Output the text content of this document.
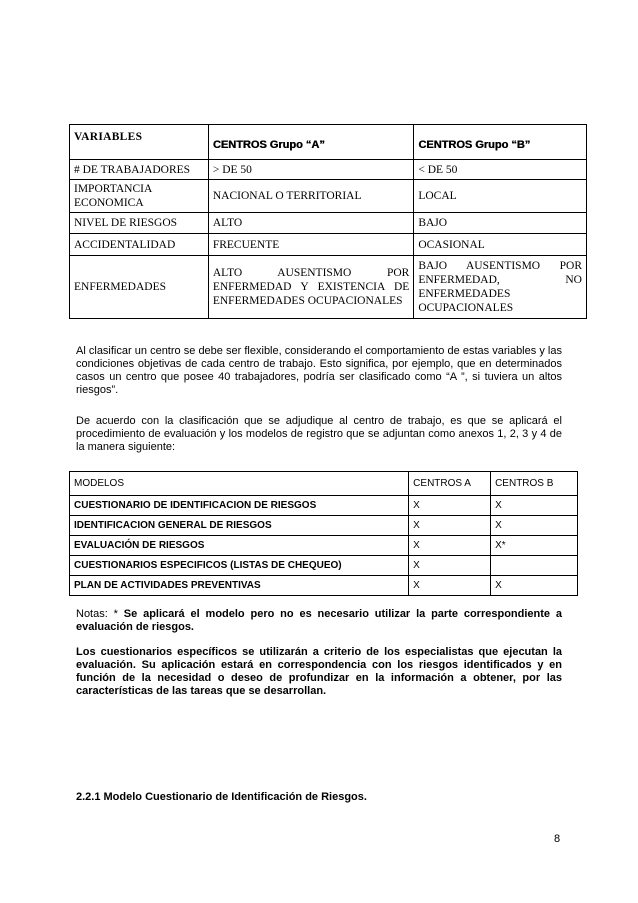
VARIABLES	CENTROS Grupo “A”	CENTROS Grupo “B”
# DE TRABAJADORES	> DE 50	< DE 50
IMPORTANCIA ECONOMICA	NACIONAL O TERRITORIAL	LOCAL
NIVEL DE RIESGOS	ALTO	BAJO
ACCIDENTALIDAD	FRECUENTE	OCASIONAL
ENFERMEDADES	ALTO AUSENTISMO POR ENFERMEDAD Y EXISTENCIA DE ENFERMEDADES OCUPACIONALES	BAJO AUSENTISMO POR ENFERMEDAD, NO ENFERMEDADES OCUPACIONALES
Al clasificar un centro se debe ser flexible, considerando el comportamiento de estas variables y las condiciones objetivas de cada centro de trabajo. Esto significa, por ejemplo, que en determinados casos un centro que posee 40 trabajadores, podría ser clasificado como “A ”, si tuviera un altos riesgos”.
De acuerdo con la clasificación que se adjudique al centro de trabajo, es que se aplicará el procedimiento de evaluación y los modelos de registro que se adjuntan como anexos 1, 2, 3 y 4 de la manera siguiente:
MODELOS	CENTROS A	CENTROS B
CUESTIONARIO DE IDENTIFICACION DE RIESGOS	X	X
IDENTIFICACION GENERAL DE RIESGOS	X	X
EVALUACIÓN DE RIESGOS	X	X*
CUESTIONARIOS ESPECIFICOS (LISTAS DE CHEQUEO)	X	
PLAN DE ACTIVIDADES PREVENTIVAS	X	X
Notas: * Se aplicará el modelo pero no es necesario utilizar la parte correspondiente a evaluación de riesgos.
Los cuestionarios específicos se utilizarán a criterio de los especialistas que ejecutan la evaluación. Su aplicación estará en correspondencia con los riesgos identificados y en función de la necesidad o deseo de profundizar en la información a obtener, por las características de las tareas que se desarrollan.
2.2.1 Modelo Cuestionario de Identificación de Riesgos.
8
